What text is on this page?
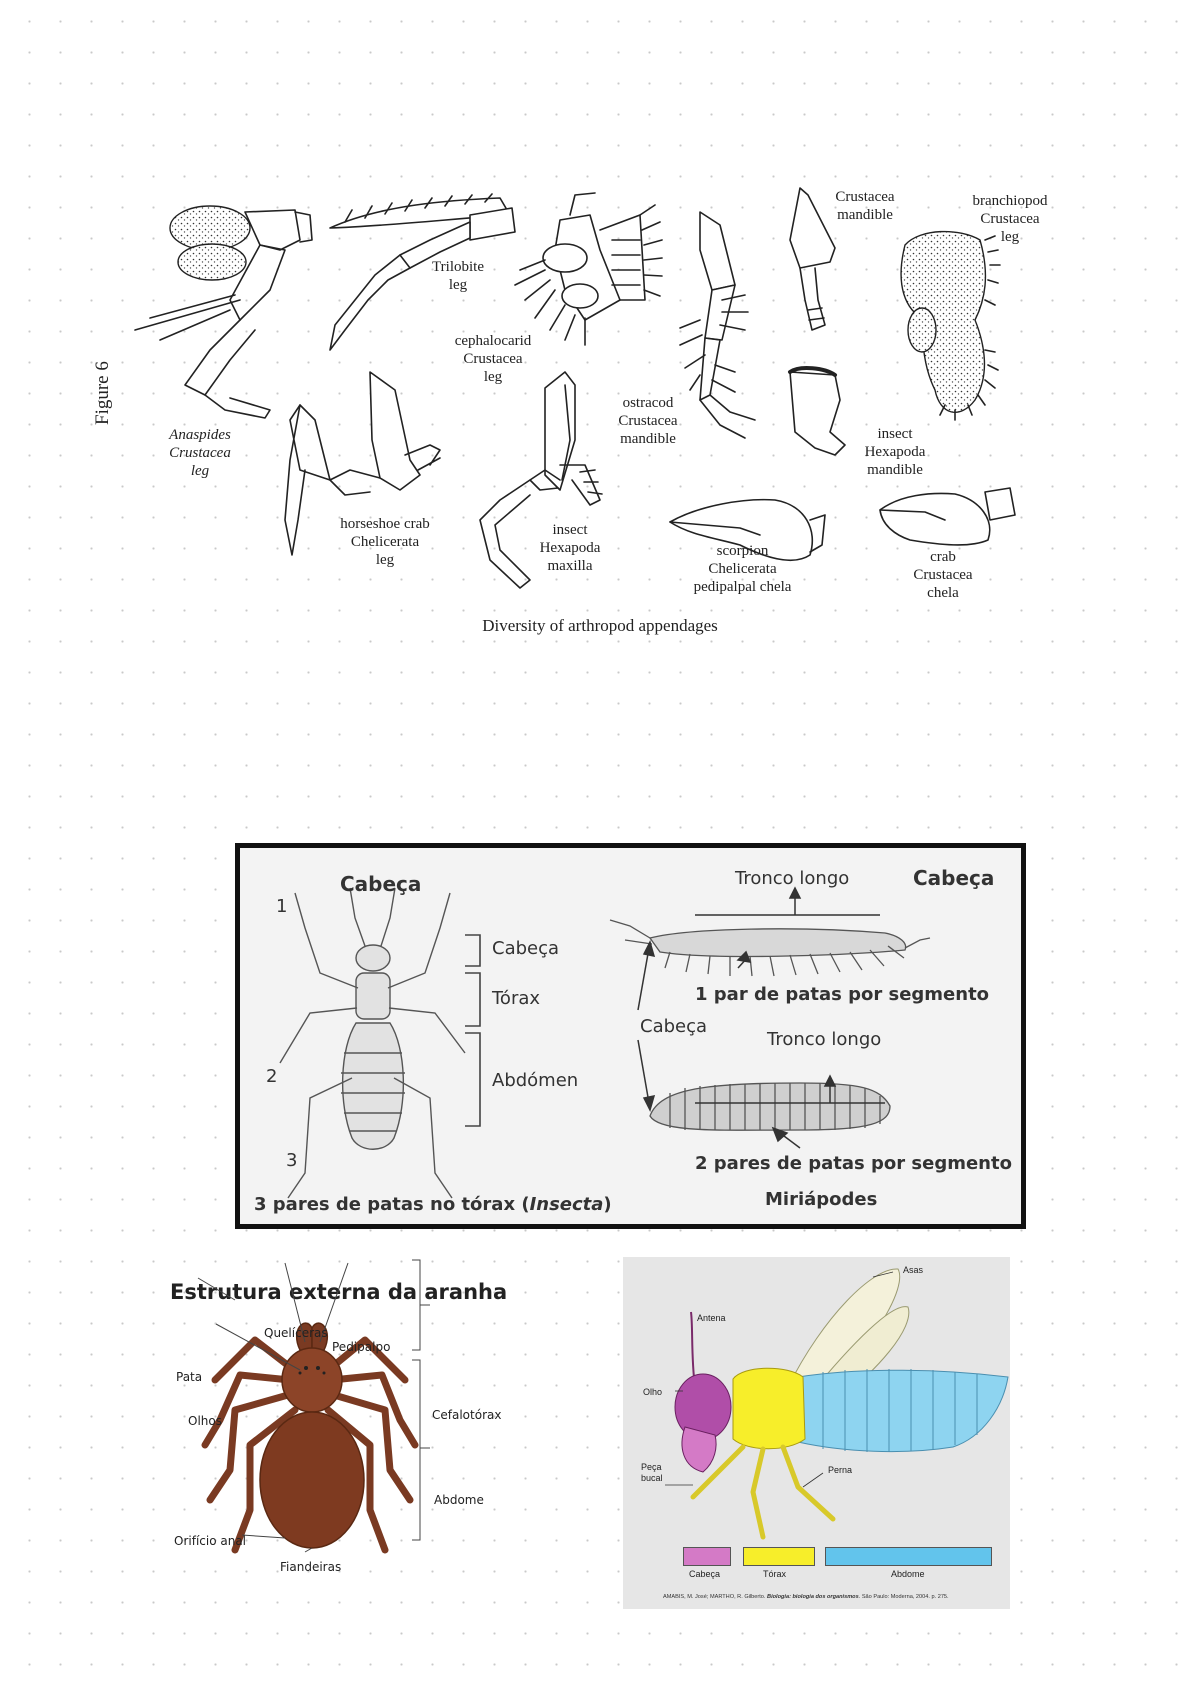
Figure 6
Anaspides
Crustacea
leg
Trilobite
leg
cephalocarid
Crustacea
leg
horseshoe crab
Chelicerata
leg
insect
Hexapoda
maxilla
ostracod
Crustacea
mandible
Crustacea
mandible
insect
Hexapoda
mandible
branchiopod
Crustacea
leg
scorpion
Chelicerata
pedipalpal chela
crab
Crustacea
chela
Diversity of arthropod appendages
Cabeça	Cabeça
1
2
3
Cabeça
Tórax
Abdómen
3 pares de patas no tórax (Insecta)
Tronco longo
1 par de patas por segmento
Cabeça
Tronco longo
2 pares de patas por segmento
Miriápodes
Estrutura externa da aranha
Quelíceras
Pedipalpo
Pata
Olhos	Cefalotórax
Abdome
Orifício anal
Fiandeiras
Asas
Antena
Olho
Peça
bucal
Perna
Cabeça	Tórax	Abdome
AMABIS, M. José; MARTHO, R. Gilberto. Biologia: biologia dos organismos. São Paulo: Moderna, 2004. p. 275.
